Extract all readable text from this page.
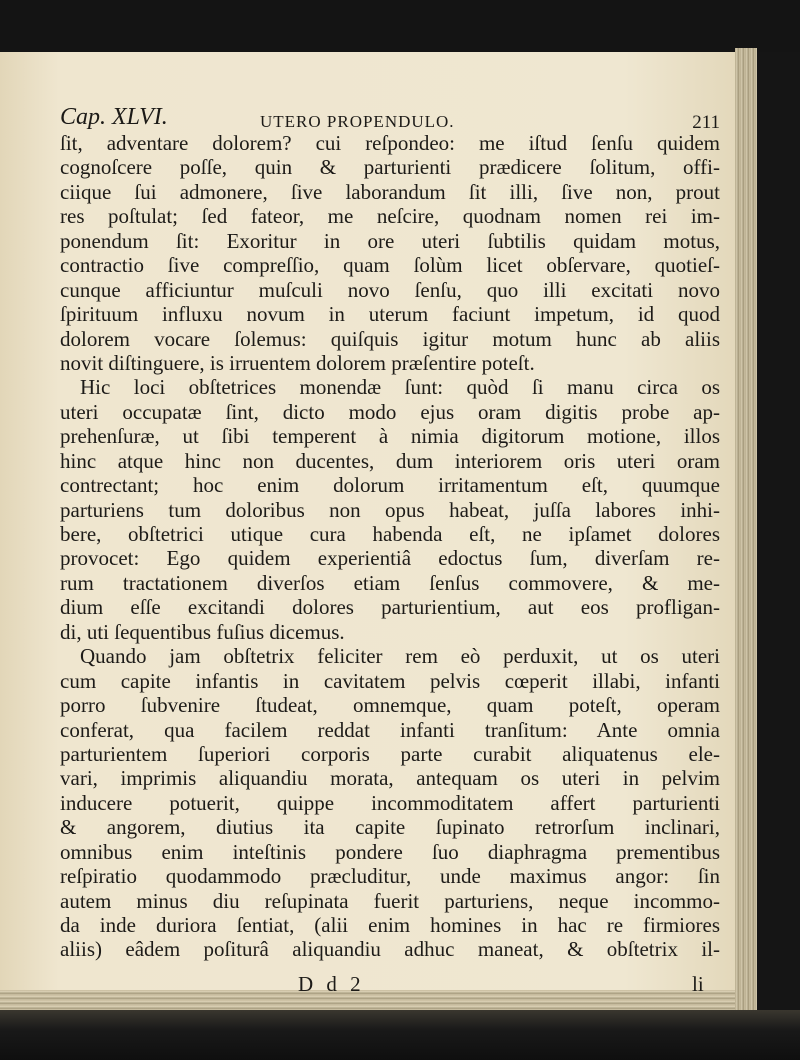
Cap. XLVI.	UTERO PROPENDULO.	211
ſit, adventare dolorem? cui reſpondeo: me iſtud ſenſu quidem
cognoſcere poſſe, quin & parturienti prædicere ſolitum, offi-
ciique ſui admonere, ſive laborandum ſit illi, ſive non, prout
res poſtulat; ſed fateor, me neſcire, quodnam nomen rei im-
ponendum ſit: Exoritur in ore uteri ſubtilis quidam motus,
contractio ſive compreſſio, quam ſolùm licet obſervare, quotieſ-
cunque afficiuntur muſculi novo ſenſu, quo illi excitati novo
ſpirituum influxu novum in uterum faciunt impetum, id quod
dolorem vocare ſolemus: quiſquis igitur motum hunc ab aliis
novit diſtinguere, is irruentem dolorem præſentire poteſt.
Hic loci obſtetrices monendæ ſunt: quòd ſi manu circa os
uteri occupatæ ſint, dicto modo ejus oram digitis probe ap-
prehenſuræ, ut ſibi temperent à nimia digitorum motione, illos
hinc atque hinc non ducentes, dum interiorem oris uteri oram
contrectant; hoc enim dolorum irritamentum eſt, quumque
parturiens tum doloribus non opus habeat, juſſa labores inhi-
bere, obſtetrici utique cura habenda eſt, ne ipſamet dolores
provocet: Ego quidem experientiâ edoctus ſum, diverſam re-
rum tractationem diverſos etiam ſenſus commovere, & me-
dium eſſe excitandi dolores parturientium, aut eos profligan-
di, uti ſequentibus fuſius dicemus.
Quando jam obſtetrix feliciter rem eò perduxit, ut os uteri
cum capite infantis in cavitatem pelvis cœperit illabi, infanti
porro ſubvenire ſtudeat, omnemque, quam poteſt, operam
conferat, qua facilem reddat infanti tranſitum: Ante omnia
parturientem ſuperiori corporis parte curabit aliquatenus ele-
vari, imprimis aliquandiu morata, antequam os uteri in pelvim
inducere potuerit, quippe incommoditatem affert parturienti
& angorem, diutius ita capite ſupinato retrorſum inclinari,
omnibus enim inteſtinis pondere ſuo diaphragma prementibus
reſpiratio quodammodo præcluditur, unde maximus angor: ſin
autem minus diu reſupinata fuerit parturiens, neque incommo-
da inde duriora ſentiat, (alii enim homines in hac re firmiores
aliis) eâdem poſiturâ aliquandiu adhuc maneat, & obſtetrix il-
D d 2	li
